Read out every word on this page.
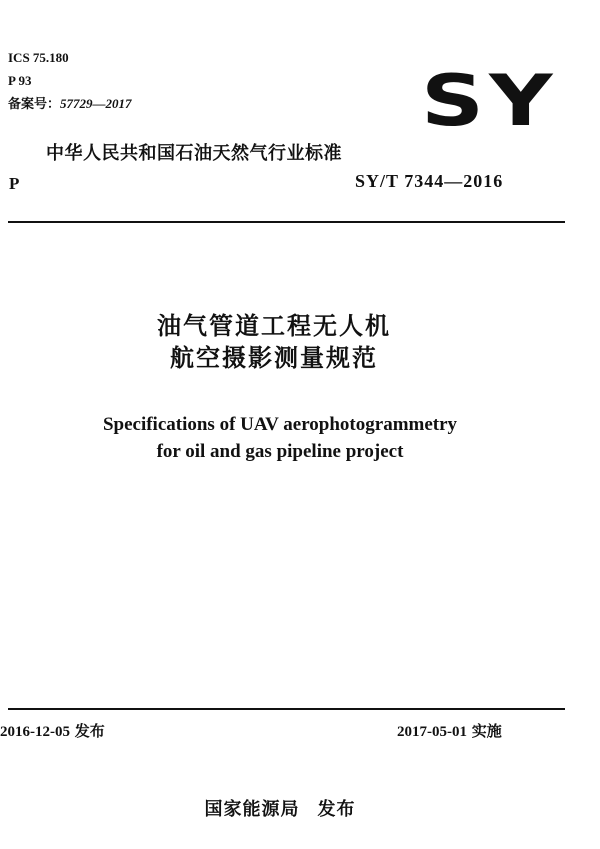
ICS 75.180
P 93
备案号：57729—2017	SY
中华人民共和国石油天然气行业标准
P	SY/T 7344—2016
油气管道工程无人机
航空摄影测量规范
Specifications of UAV aerophotogrammetry
for oil and gas pipeline project
2016-12-05 发布	2017-05-01 实施
国家能源局 发布
